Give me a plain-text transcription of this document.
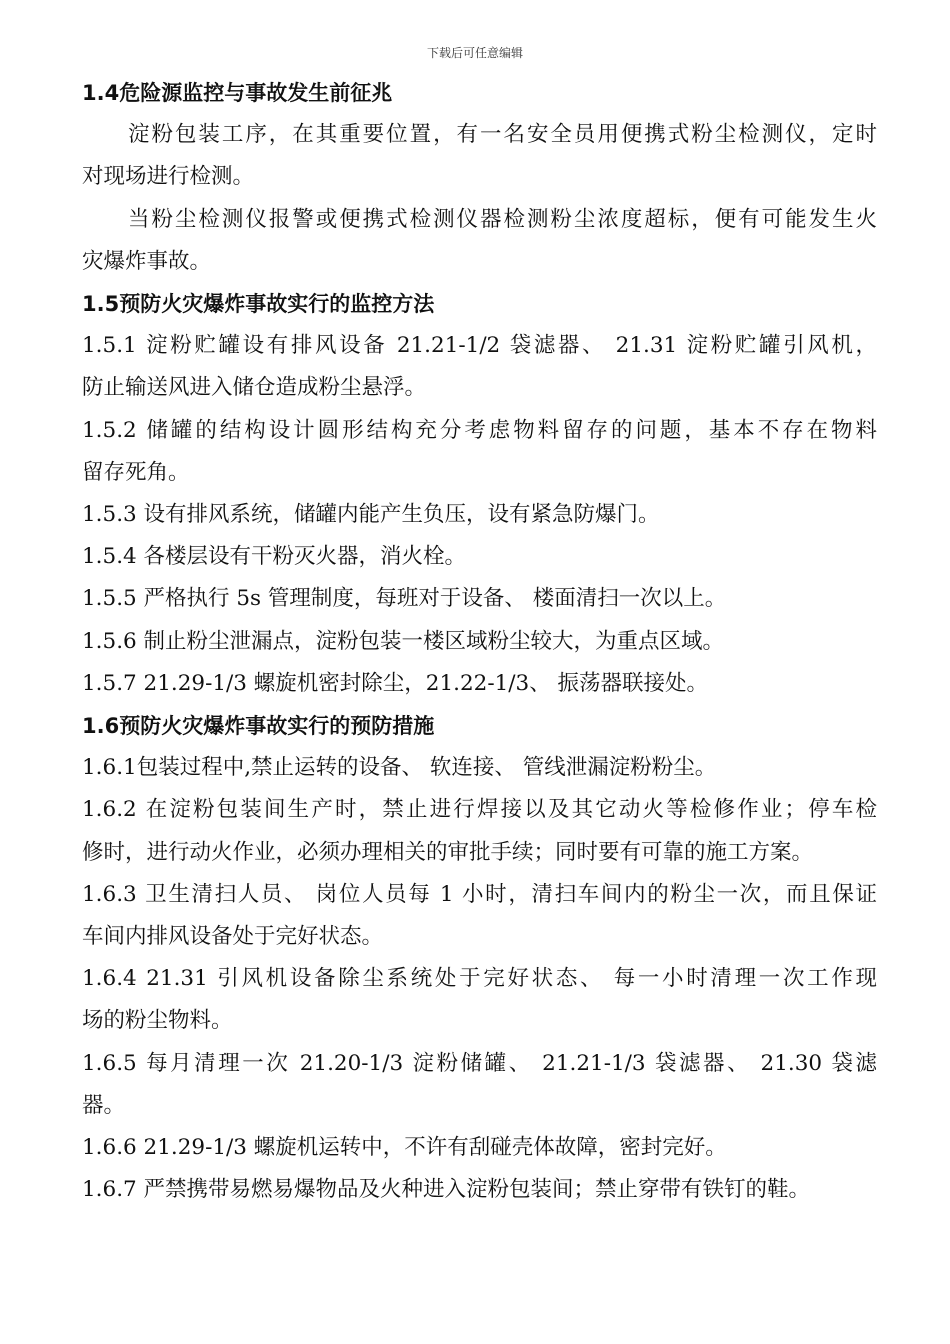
下载后可任意编辑
1.4危险源监控与事故发生前征兆
淀粉包装工序，在其重要位置，有一名安全员用便携式粉尘检测仪，定时
对现场进行检测。
当粉尘检测仪报警或便携式检测仪器检测粉尘浓度超标，便有可能发生火
灾爆炸事故。
1.5预防火灾爆炸事故实行的监控方法
1.5.1 淀粉贮罐设有排风设备 21.21-1/2 袋滤器、 21.31 淀粉贮罐引风机，
防止输送风进入储仓造成粉尘悬浮。
1.5.2 储罐的结构设计圆形结构充分考虑物料留存的问题，基本不存在物料
留存死角。
1.5.3 设有排风系统，储罐内能产生负压，设有紧急防爆门。
1.5.4 各楼层设有干粉灭火器，消火栓。
1.5.5 严格执行 5s 管理制度，每班对于设备、 楼面清扫一次以上。
1.5.6 制止粉尘泄漏点，淀粉包装一楼区域粉尘较大，为重点区域。
1.5.7 21.29-1/3 螺旋机密封除尘，21.22-1/3、 振荡器联接处。
1.6预防火灾爆炸事故实行的预防措施
1.6.1包装过程中,禁止运转的设备、 软连接、 管线泄漏淀粉粉尘。
1.6.2 在淀粉包装间生产时，禁止进行焊接以及其它动火等检修作业；停车检
修时，进行动火作业，必须办理相关的审批手续；同时要有可靠的施工方案。
1.6.3 卫生清扫人员、 岗位人员每 1 小时，清扫车间内的粉尘一次，而且保证
车间内排风设备处于完好状态。
1.6.4 21.31 引风机设备除尘系统处于完好状态、 每一小时清理一次工作现
场的粉尘物料。
1.6.5 每月清理一次 21.20-1/3 淀粉储罐、 21.21-1/3 袋滤器、 21.30 袋滤
器。
1.6.6 21.29-1/3 螺旋机运转中，不许有刮碰壳体故障，密封完好。
1.6.7 严禁携带易燃易爆物品及火种进入淀粉包装间；禁止穿带有铁钉的鞋。
